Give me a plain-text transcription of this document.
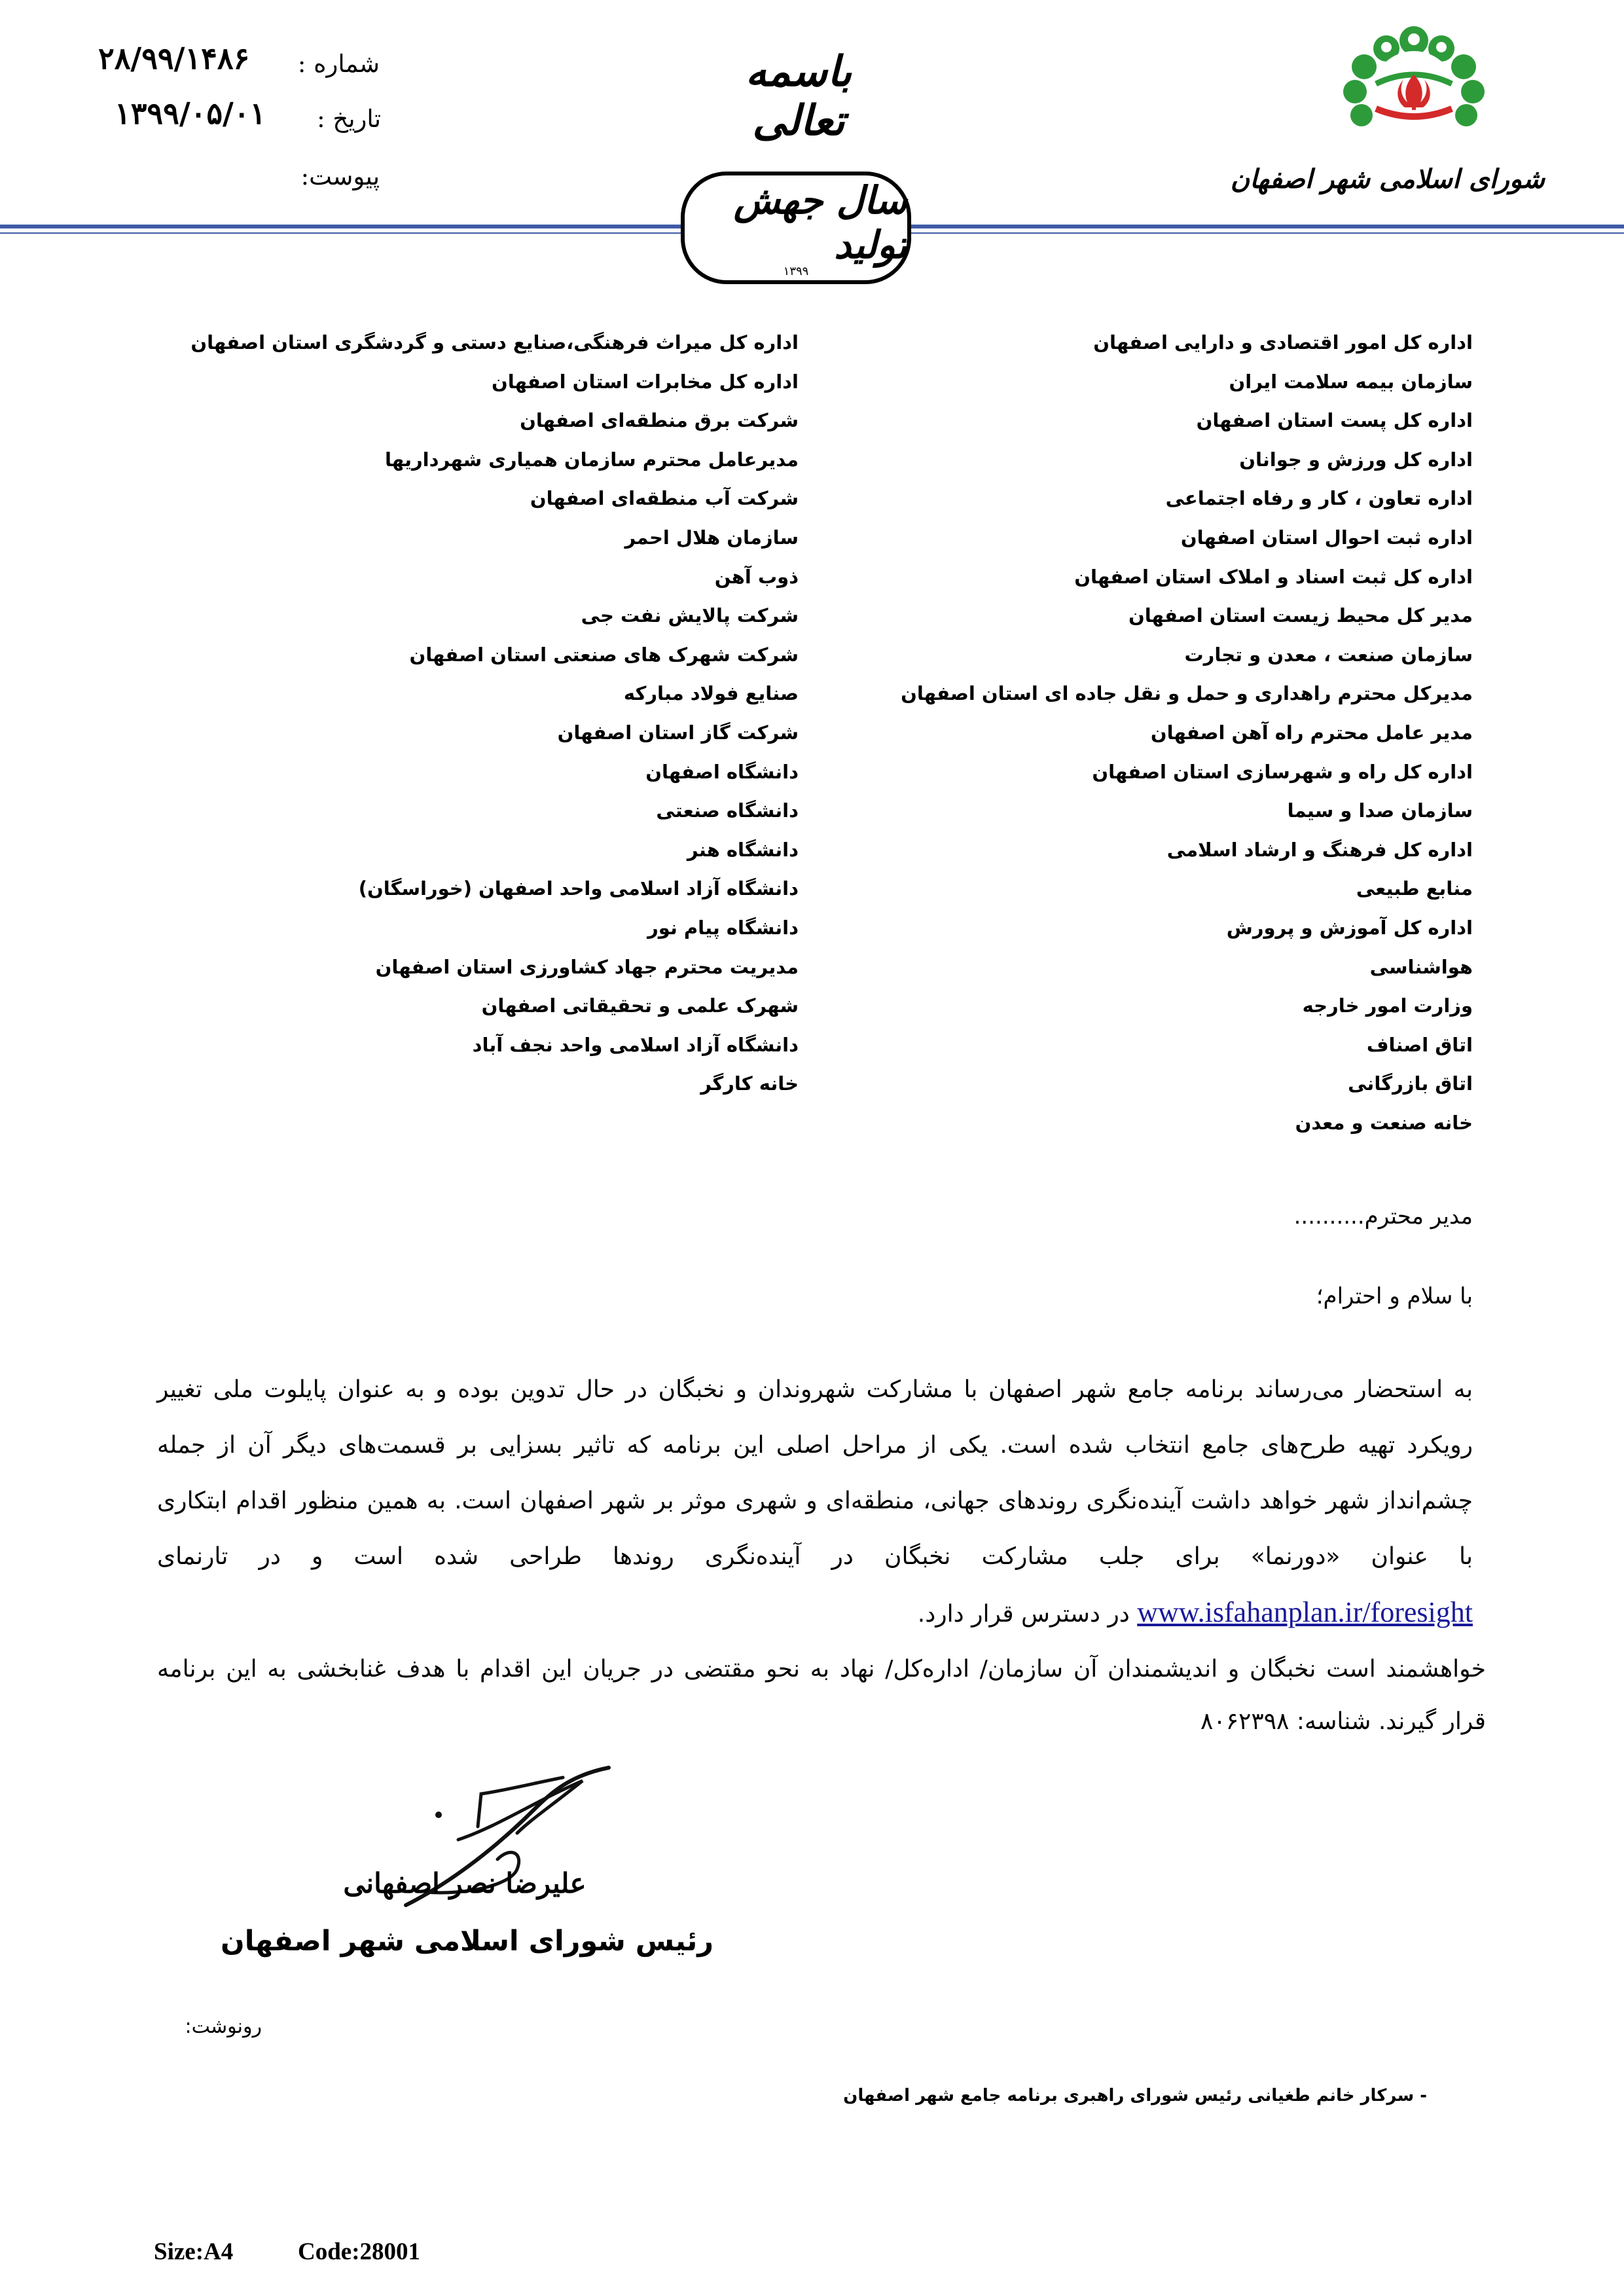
شماره :
۲۸/۹۹/۱۴۸۶
تاریخ :
۱۳۹۹/۰۵/۰۱
پیوست:
باسمه تعالی
سال جهش تولید
۱۳۹۹
شورای اسلامی شهر اصفهان
اداره کل امور اقتصادی و دارایی اصفهان
سازمان بیمه سلامت ایران
اداره کل پست استان اصفهان
اداره کل ورزش و جوانان
اداره تعاون ، کار و رفاه اجتماعی
اداره ثبت احوال استان اصفهان
اداره کل ثبت اسناد و املاک استان اصفهان
مدیر کل محیط زیست استان اصفهان
سازمان صنعت ، معدن و تجارت
مدیرکل محترم راهداری و حمل و نقل جاده ای استان اصفهان
مدیر عامل محترم راه آهن اصفهان
اداره کل راه و شهرسازی استان اصفهان
سازمان صدا و سیما
اداره کل فرهنگ و ارشاد اسلامی
منابع طبیعی
اداره کل آموزش و پرورش
هواشناسی
وزارت امور خارجه
اتاق اصناف
اتاق بازرگانی
خانه صنعت و معدن
اداره کل میراث فرهنگی،صنایع دستی و گردشگری استان اصفهان
اداره کل مخابرات استان اصفهان
شرکت برق منطقه‌ای اصفهان
مدیرعامل محترم سازمان همیاری شهرداریها
شرکت آب منطقه‌ای اصفهان
سازمان هلال احمر
ذوب آهن
شرکت پالایش نفت جی
شرکت شهرک های صنعتی استان اصفهان
صنایع فولاد مبارکه
شرکت گاز استان اصفهان
دانشگاه اصفهان
دانشگاه صنعتی
دانشگاه هنر
دانشگاه آزاد اسلامی واحد اصفهان (خوراسگان)
دانشگاه پیام نور
مدیریت محترم جهاد کشاورزی استان اصفهان
شهرک علمی و تحقیقاتی اصفهان
دانشگاه آزاد اسلامی واحد نجف آباد
خانه کارگر
مدیر محترم..........
با سلام و احترام؛
به استحضار می‌رساند برنامه جامع شهر اصفهان با مشارکت شهروندان و نخبگان در حال تدوین بوده و به عنوان پایلوت ملی تغییر
رویکرد تهیه طرح‌های جامع انتخاب شده است. یکی از مراحل اصلی این برنامه که تاثیر بسزایی بر قسمت‌های دیگر آن از جمله
چشم‌انداز شهر خواهد داشت آینده‌نگری روندهای جهانی، منطقه‌ای و شهری موثر بر شهر اصفهان است. به همین منظور اقدام ابتکاری
با عنوان «دورنما» برای جلب مشارکت نخبگان در آینده‌نگری روندها طراحی شده است و در تارنمای
www.isfahanplan.ir/foresight در دسترس قرار دارد.
خواهشمند است نخبگان و اندیشمندان آن سازمان/ اداره‌کل/ نهاد به نحو مقتضی در جریان این اقدام با هدف غنابخشی به این برنامه
قرار گیرند. شناسه: ۸۰۶۲۳۹۸
علیرضا نصر اصفهانی
رئیس شورای اسلامی شهر اصفهان
رونوشت:
- سرکار خانم طغیانی رئیس شورای راهبری برنامه جامع شهر اصفهان
Size:A4	Code:28001
